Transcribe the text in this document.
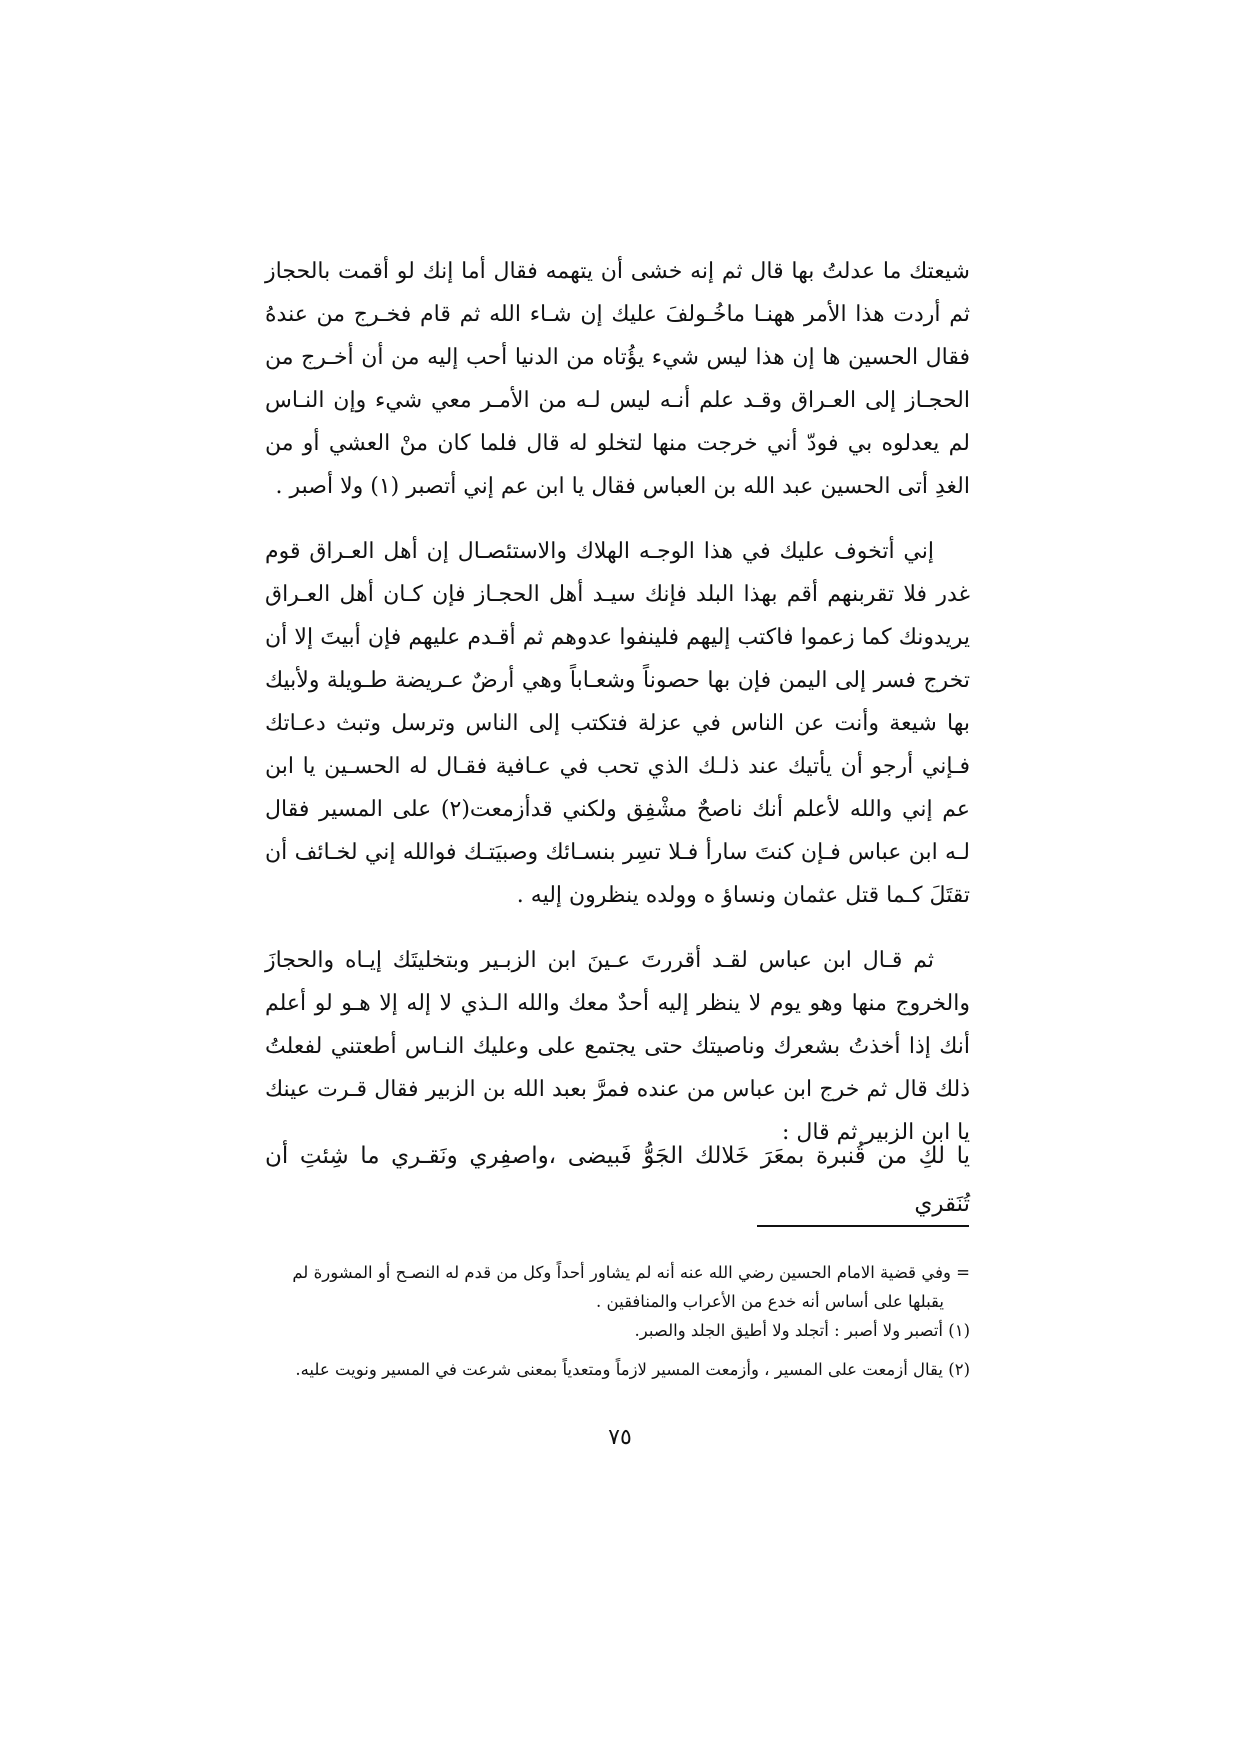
شيعتك ما عدلتُ بها قال ثم إنه خشى أن يتهمه فقال أما إنك لو أقمت بالحجاز ثم أردت هذا الأمر ههنـا ماخُـولفَ عليك إن شـاء الله ثم قام فخـرج من عندهُ فقال الحسين ها إن هذا ليس شيء يؤُتاه من الدنيا أحب إليه من أن أخـرج من الحجـاز إلى العـراق وقـد علم أنـه ليس لـه من الأمـر معي شيء وإن النـاس لم يعدلوه بي فودّ أني خرجت منها لتخلو له قال فلما كان منْ العشي أو من الغدِ أتى الحسين عبد الله بن العباس فقال يا ابن عم إني أتصبر (١) ولا أصبر .

إني أتخوف عليك في هذا الوجـه الهلاك والاستئصـال إن أهل العـراق قوم غدر فلا تقربنهم أقم بهذا البلد فإنك سيـد أهل الحجـاز فإن كـان أهل العـراق يريدونك كما زعموا فاكتب إليهم فلينفوا عدوهم ثم أقـدم عليهم فإن أبيتَ إلا أن تخرج فسر إلى اليمن فإن بها حصوناً وشعـاباً وهي أرضٌ عـريضة طـويلة ولأبيك بها شيعة وأنت عن الناس في عزلة فتكتب إلى الناس وترسل وتبث دعـاتك فـإني أرجو أن يأتيك عند ذلـك الذي تحب في عـافية فقـال له الحسـين يا ابن عم إني والله لأعلم أنك ناصحٌ مشْفِق ولكني قدأزمعت(٢) على المسير فقال لـه ابن عباس فـإن كنتَ سارأ فـلا تسِر بنسـائك وصبيَتـك فوالله إني لخـائف أن تقتَلَ كـما قتل عثمان ونساؤ ه وولده ينظرون إليه .

ثم قـال ابن عباس لقـد أقررتَ عـينَ ابن الزبـير وبتخليتَك إيـاه والحجازَ والخروج منها وهو يوم لا ينظر إليه أحدٌ معك والله الـذي لا إله إلا هـو لو أعلم أنك إذا أخذتُ بشعرك وناصيتك حتى يجتمع على وعليك النـاس أطعتني لفعلتُ ذلك قال ثم خرج ابن عباس من عنده فمرَّ بعبد الله بن الزبير فقال قـرت عينك يا ابن الزبير ثم قال :

يا لكِ من قُنبرة بمعَرَ خَلالك الجَوُّ فَبيضى ،واصفِري ونَقـري ما شِئتِ أن تُنَقري

= وفي قضية الامام الحسين رضي الله عنه أنه لم يشاور أحداً وكل من قدم له النصـح أو المشورة لم

يقبلها على أساس أنه خدع من الأعراب والمنافقين .

(١) أتصبر ولا أصبر : أتجلد ولا أطيق الجلد والصبر.

(٢) يقال أزمعت على المسير ، وأزمعت المسير لازماً ومتعدياً بمعنى شرعت في المسير ونويت عليه.

٧٥
